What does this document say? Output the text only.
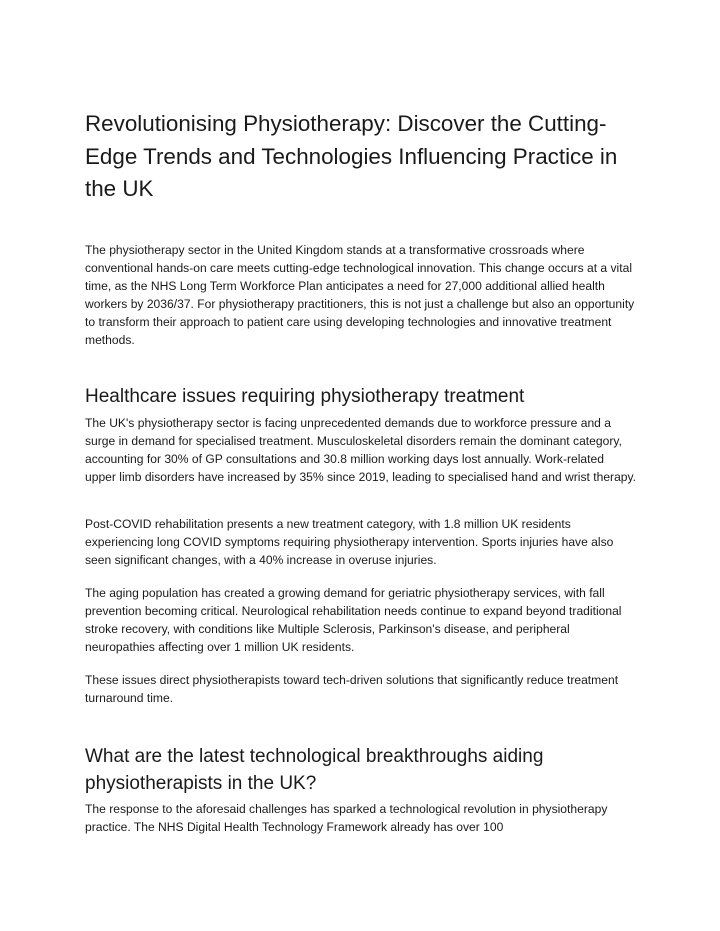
Revolutionising Physiotherapy: Discover the Cutting-Edge Trends and Technologies Influencing Practice in the UK

The physiotherapy sector in the United Kingdom stands at a transformative crossroads where conventional hands-on care meets cutting-edge technological innovation. This change occurs at a vital time, as the NHS Long Term Workforce Plan anticipates a need for 27,000 additional allied health workers by 2036/37. For physiotherapy practitioners, this is not just a challenge but also an opportunity to transform their approach to patient care using developing technologies and innovative treatment methods.

Healthcare issues requiring physiotherapy treatment

The UK's physiotherapy sector is facing unprecedented demands due to workforce pressure and a surge in demand for specialised treatment. Musculoskeletal disorders remain the dominant category, accounting for 30% of GP consultations and 30.8 million working days lost annually. Work-related upper limb disorders have increased by 35% since 2019, leading to specialised hand and wrist therapy.

Post-COVID rehabilitation presents a new treatment category, with 1.8 million UK residents experiencing long COVID symptoms requiring physiotherapy intervention. Sports injuries have also seen significant changes, with a 40% increase in overuse injuries.

The aging population has created a growing demand for geriatric physiotherapy services, with fall prevention becoming critical. Neurological rehabilitation needs continue to expand beyond traditional stroke recovery, with conditions like Multiple Sclerosis, Parkinson's disease, and peripheral neuropathies affecting over 1 million UK residents.

These issues direct physiotherapists toward tech-driven solutions that significantly reduce treatment turnaround time.

What are the latest technological breakthroughs aiding physiotherapists in the UK?

The response to the aforesaid challenges has sparked a technological revolution in physiotherapy practice. The NHS Digital Health Technology Framework already has over 100
